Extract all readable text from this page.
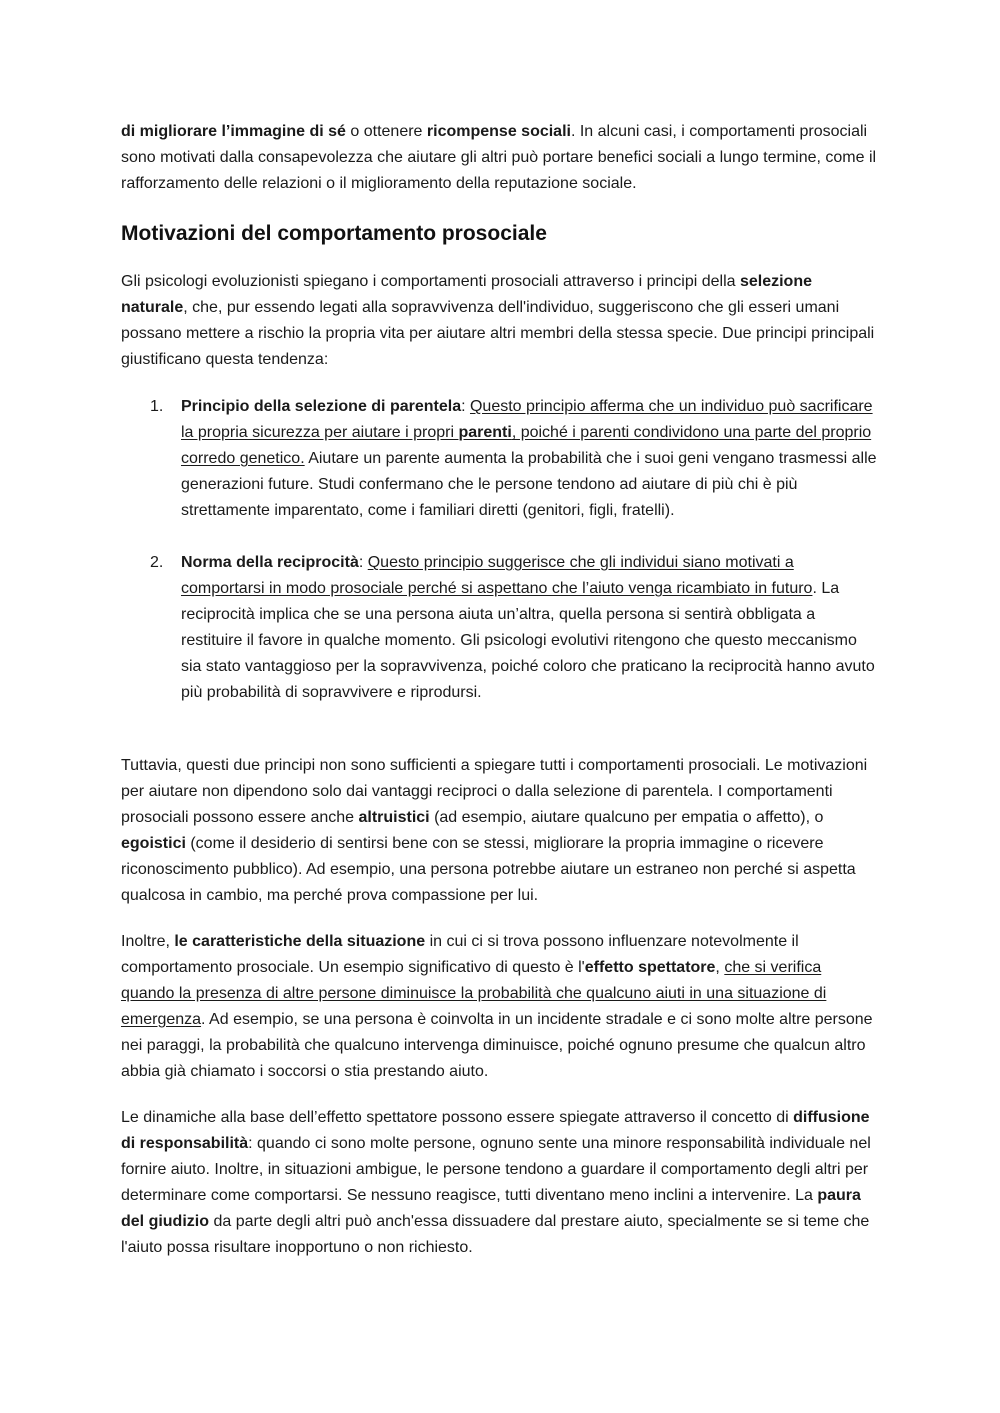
di migliorare l’immagine di sé o ottenere ricompense sociali. In alcuni casi, i comportamenti prosociali sono motivati dalla consapevolezza che aiutare gli altri può portare benefici sociali a lungo termine, come il rafforzamento delle relazioni o il miglioramento della reputazione sociale.

Motivazioni del comportamento prosociale

Gli psicologi evoluzionisti spiegano i comportamenti prosociali attraverso i principi della selezione naturale, che, pur essendo legati alla sopravvivenza dell'individuo, suggeriscono che gli esseri umani possano mettere a rischio la propria vita per aiutare altri membri della stessa specie. Due principi principali giustificano questa tendenza:

1. Principio della selezione di parentela: Questo principio afferma che un individuo può sacrificare la propria sicurezza per aiutare i propri parenti, poiché i parenti condividono una parte del proprio corredo genetico. Aiutare un parente aumenta la probabilità che i suoi geni vengano trasmessi alle generazioni future. Studi confermano che le persone tendono ad aiutare di più chi è più strettamente imparentato, come i familiari diretti (genitori, figli, fratelli).
2. Norma della reciprocità: Questo principio suggerisce che gli individui siano motivati a comportarsi in modo prosociale perché si aspettano che l’aiuto venga ricambiato in futuro. La reciprocità implica che se una persona aiuta un’altra, quella persona si sentirà obbligata a restituire il favore in qualche momento. Gli psicologi evolutivi ritengono che questo meccanismo sia stato vantaggioso per la sopravvivenza, poiché coloro che praticano la reciprocità hanno avuto più probabilità di sopravvivere e riprodursi.

Tuttavia, questi due principi non sono sufficienti a spiegare tutti i comportamenti prosociali. Le motivazioni per aiutare non dipendono solo dai vantaggi reciproci o dalla selezione di parentela. I comportamenti prosociali possono essere anche altruistici (ad esempio, aiutare qualcuno per empatia o affetto), o egoistici (come il desiderio di sentirsi bene con se stessi, migliorare la propria immagine o ricevere riconoscimento pubblico). Ad esempio, una persona potrebbe aiutare un estraneo non perché si aspetta qualcosa in cambio, ma perché prova compassione per lui.

Inoltre, le caratteristiche della situazione in cui ci si trova possono influenzare notevolmente il comportamento prosociale. Un esempio significativo di questo è l'effetto spettatore, che si verifica quando la presenza di altre persone diminuisce la probabilità che qualcuno aiuti in una situazione di emergenza. Ad esempio, se una persona è coinvolta in un incidente stradale e ci sono molte altre persone nei paraggi, la probabilità che qualcuno intervenga diminuisce, poiché ognuno presume che qualcun altro abbia già chiamato i soccorsi o stia prestando aiuto.

Le dinamiche alla base dell’effetto spettatore possono essere spiegate attraverso il concetto di diffusione di responsabilità: quando ci sono molte persone, ognuno sente una minore responsabilità individuale nel fornire aiuto. Inoltre, in situazioni ambigue, le persone tendono a guardare il comportamento degli altri per determinare come comportarsi. Se nessuno reagisce, tutti diventano meno inclini a intervenire. La paura del giudizio da parte degli altri può anch'essa dissuadere dal prestare aiuto, specialmente se si teme che l'aiuto possa risultare inopportuno o non richiesto.
